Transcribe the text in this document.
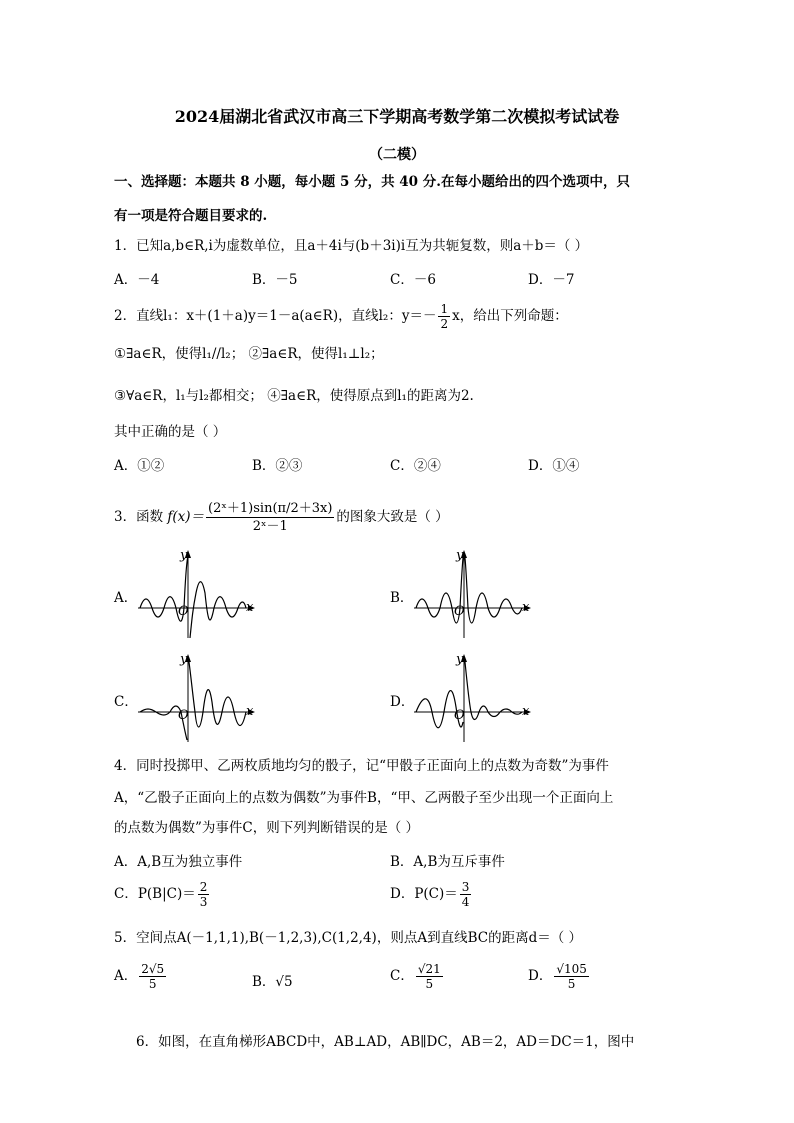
2024届湖北省武汉市高三下学期高考数学第二次模拟考试试卷
（二模）
一、选择题：本题共 8 小题，每小题 5 分，共 40 分.在每小题给出的四个选项中，只
有一项是符合题目要求的.
1．已知a,b∈R,i为虚数单位，且a＋4i与(b＋3i)i互为共轭复数，则a＋b＝（ ）
A．－4	B．－5	C．－6	D．－7
2．直线l₁：x＋(1＋a)y＝1－a(a∈R)，直线l₂：$y=- \frac{1}{2}$ x，给出下列命题：
①∃a∈R，使得l₁//l₂； ②∃a∈R，使得l₁⊥l₂；
③∀a∈R，l₁与l₂都相交； ④∃a∈R，使得原点到l₁的距离为2.
其中正确的是（ ）
A．①②	B．②③	C．②④	D．①④
3．函数 $f(x)= \frac{\text{(2ˣ＋1)sin(π/2＋3x)}}{\text{2ˣ－1}}$ 的图象大致是（ ）
A．	B．
C．	D．
y
x
O
y
x
O
y
x
O
y
x
O
4．同时投掷甲、乙两枚质地均匀的骰子，记“甲骰子正面向上的点数为奇数”为事件
A，“乙骰子正面向上的点数为偶数”为事件B，“甲、乙两骰子至少出现一个正面向上
的点数为偶数”为事件C，则下列判断错误的是（ ）
A．A,B互为独立事件	B．A,B为互斥事件
C．$P(B|C)= \frac{2}{3}$	D．$P(C)= \frac{3}{4}$
5．空间点A(－1,1,1),B(－1,2,3),C(1,2,4)，则点A到直线BC的距离d＝（ ）
A． $\frac{2√5}{5}$	B．√5	C． $\frac{√21}{5}$	D． $\frac{√105}{5}$
6．如图，在直角梯形ABCD中，AB⊥AD，AB∥DC，AB＝2，AD＝DC＝1，图中
